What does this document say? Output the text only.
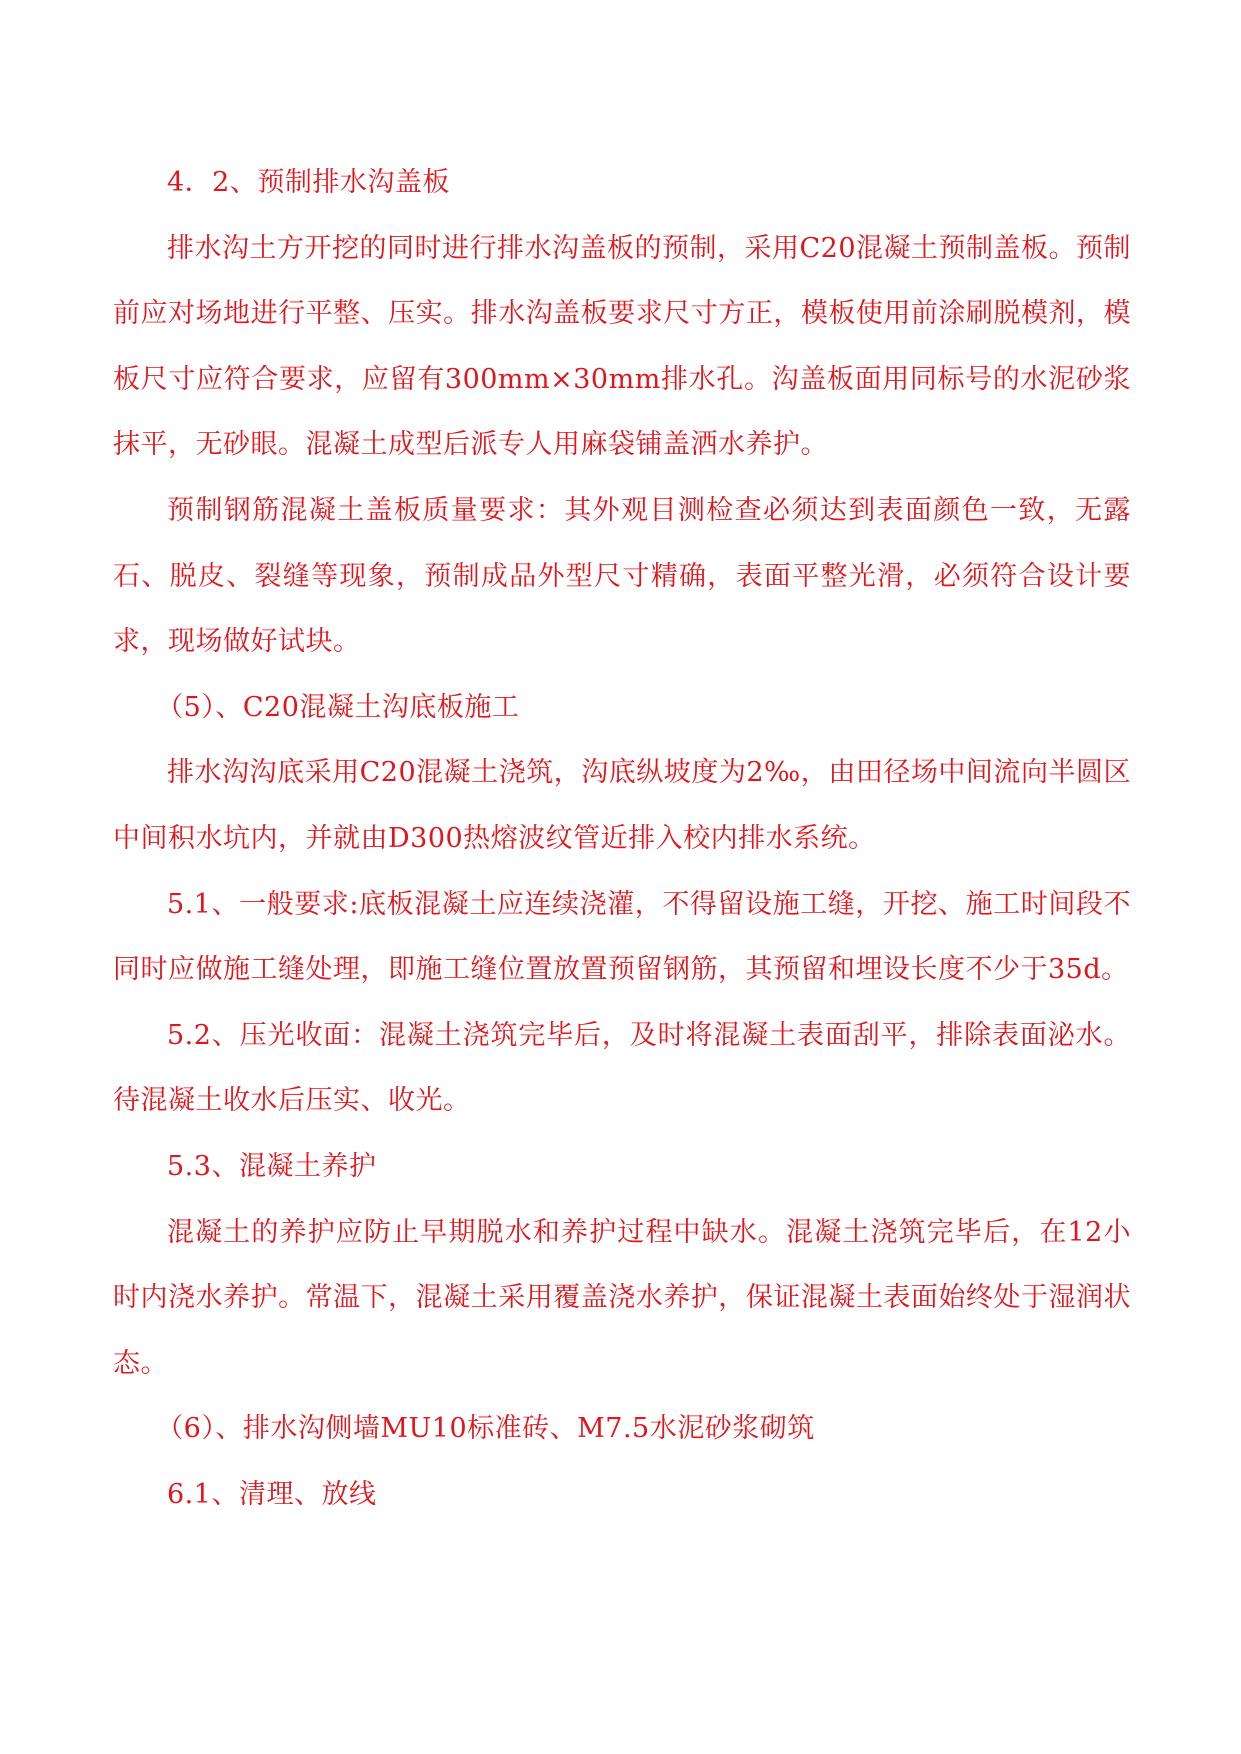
4．2、预制排水沟盖板

排水沟土方开挖的同时进行排水沟盖板的预制，采用C20混凝土预制盖板。预制前应对场地进行平整、压实。排水沟盖板要求尺寸方正，模板使用前涂刷脱模剂，模板尺寸应符合要求，应留有300mm×30mm排水孔。沟盖板面用同标号的水泥砂浆抹平，无砂眼。混凝土成型后派专人用麻袋铺盖洒水养护。

预制钢筋混凝土盖板质量要求：其外观目测检查必须达到表面颜色一致，无露石、脱皮、裂缝等现象，预制成品外型尺寸精确，表面平整光滑，必须符合设计要求，现场做好试块。

（5）、C20混凝土沟底板施工

排水沟沟底采用C20混凝土浇筑，沟底纵坡度为2‰，由田径场中间流向半圆区中间积水坑内，并就由D300热熔波纹管近排入校内排水系统。

5.1、一般要求:底板混凝土应连续浇灌，不得留设施工缝，开挖、施工时间段不同时应做施工缝处理，即施工缝位置放置预留钢筋，其预留和埋设长度不少于35d。

5.2、压光收面：混凝土浇筑完毕后，及时将混凝土表面刮平，排除表面泌水。待混凝土收水后压实、收光。

5.3、混凝土养护

混凝土的养护应防止早期脱水和养护过程中缺水。混凝土浇筑完毕后，在12小时内浇水养护。常温下，混凝土采用覆盖浇水养护，保证混凝土表面始终处于湿润状态。

（6）、排水沟侧墙MU10标准砖、M7.5水泥砂浆砌筑

6.1、清理、放线
